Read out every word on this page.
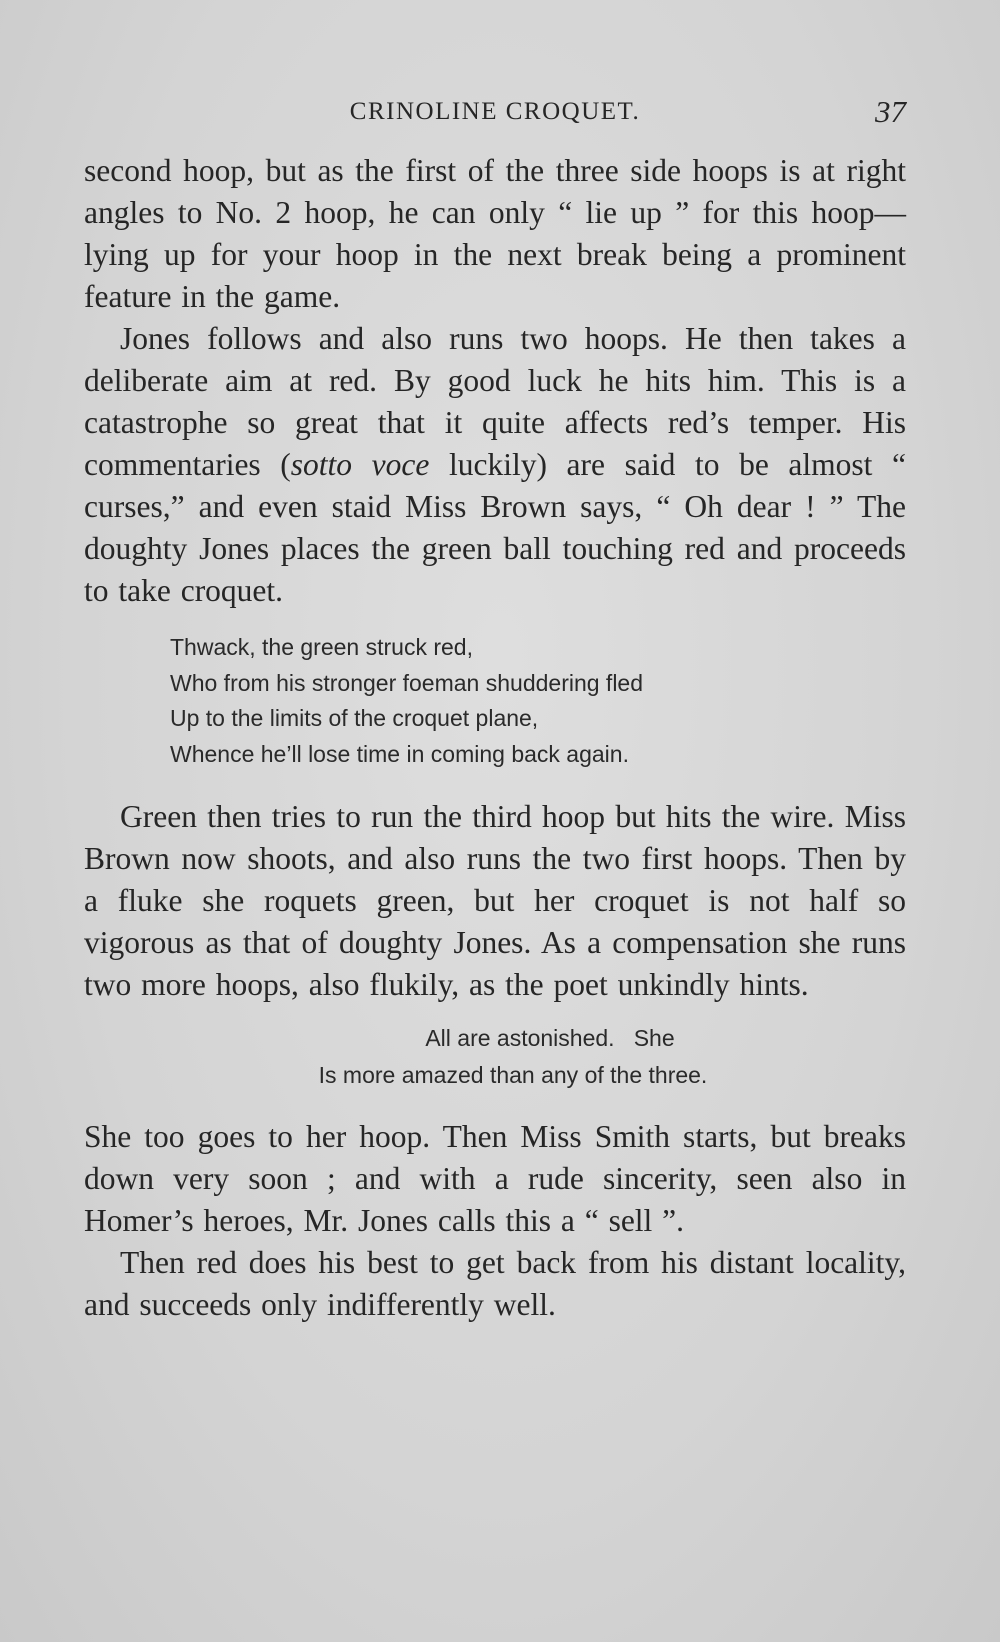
CRINOLINE CROQUET.	37

second hoop, but as the first of the three side hoops is at right angles to No. 2 hoop, he can only “ lie up ” for this hoop—lying up for your hoop in the next break being a prominent feature in the game.

Jones follows and also runs two hoops. He then takes a deliberate aim at red. By good luck he hits him. This is a catastrophe so great that it quite affects red’s temper. His commentaries (sotto voce luckily) are said to be almost “ curses,” and even staid Miss Brown says, “ Oh dear ! ” The doughty Jones places the green ball touching red and proceeds to take croquet.

Thwack, the green struck red,
Who from his stronger foeman shuddering fled
Up to the limits of the croquet plane,
Whence he’ll lose time in coming back again.

Green then tries to run the third hoop but hits the wire. Miss Brown now shoots, and also runs the two first hoops. Then by a fluke she roquets green, but her croquet is not half so vigorous as that of doughty Jones. As a compensation she runs two more hoops, also flukily, as the poet unkindly hints.

All are astonished.   She
Is more amazed than any of the three.

She too goes to her hoop. Then Miss Smith starts, but breaks down very soon ; and with a rude sincerity, seen also in Homer’s heroes, Mr. Jones calls this a “ sell ”.

Then red does his best to get back from his distant locality, and succeeds only indifferently well.
